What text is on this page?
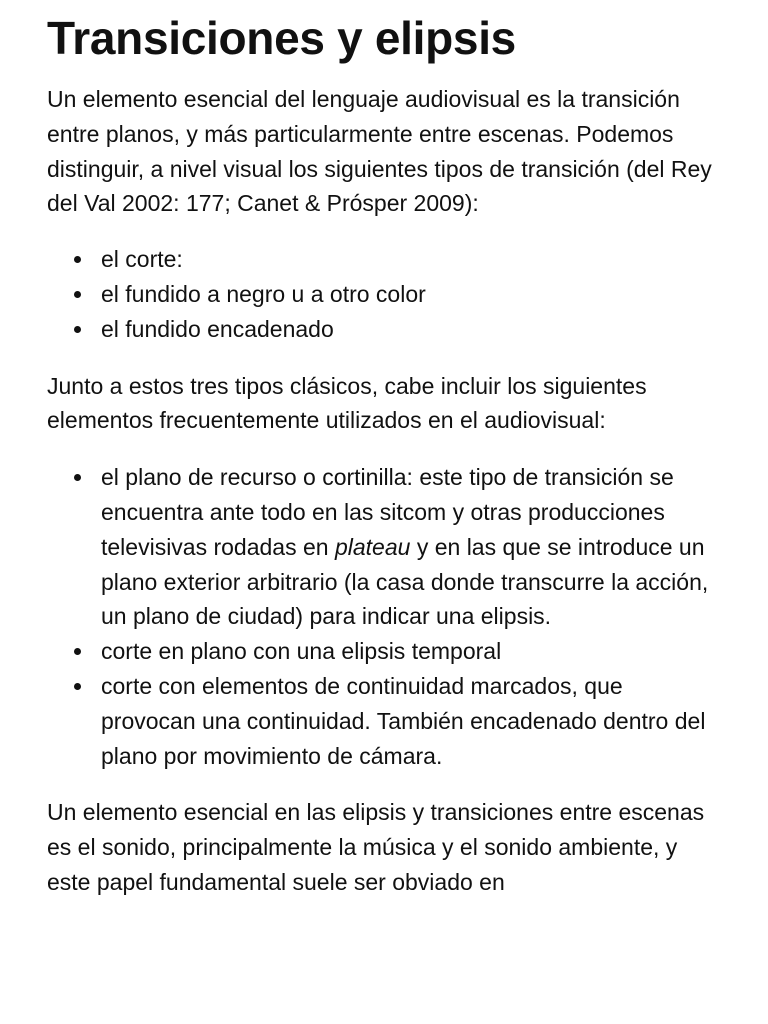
Transiciones y elipsis

Un elemento esencial del lenguaje audiovisual es la transición entre planos, y más particularmente entre escenas. Podemos distinguir, a nivel visual los siguientes tipos de transición (del Rey del Val 2002: 177; Canet & Prósper 2009):

el corte:
el fundido a negro u a otro color
el fundido encadenado

Junto a estos tres tipos clásicos, cabe incluir los siguientes elementos frecuentemente utilizados en el audiovisual:

el plano de recurso o cortinilla: este tipo de transición se encuentra ante todo en las sitcom y otras producciones televisivas rodadas en plateau y en las que se introduce un plano exterior arbitrario (la casa donde transcurre la acción, un plano de ciudad) para indicar una elipsis.
corte en plano con una elipsis temporal
corte con elementos de continuidad marcados, que provocan una continuidad. También encadenado dentro del plano por movimiento de cámara.

Un elemento esencial en las elipsis y transiciones entre escenas es el sonido, principalmente la música y el sonido ambiente, y este papel fundamental suele ser obviado en
